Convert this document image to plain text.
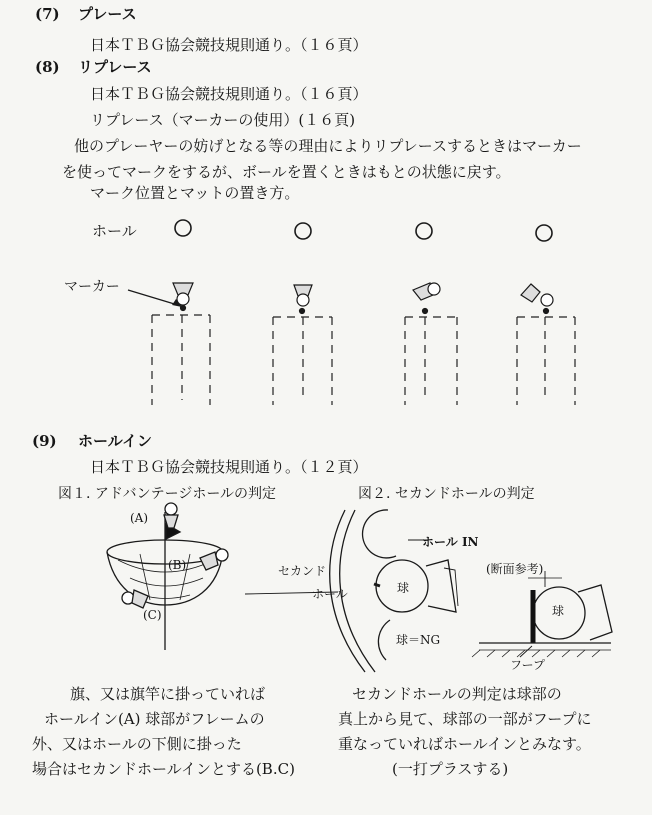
(7) プレース
日本ＴＢＧ協会競技規則通り。（１６頁）
(8) リプレース
日本ＴＢＧ協会競技規則通り。（１６頁）
リプレース（マーカーの使用）(１６頁)
他のプレーヤーの妨げとなる等の理由によりリプレースするときはマーカー
を使ってマークをするが、ボールを置くときはもとの状態に戻す。
マーク位置とマットの置き方。
ホール
マーカー
(9) ホールイン
日本ＴＢＧ協会競技規則通り。（１２頁）
図１. アドバンテージホールの判定	図２. セカンドホールの判定
(A)
(B)
(C)
ホール IN
セカンド
ホール	球
球＝NG
(断面参考)
球
フープ
旗、又は旗竿に掛っていれば
ホールイン(A) 球部がフレームの
外、又はホールの下側に掛った
場合はセカンドホールインとする(B.C)
セカンドホールの判定は球部の
真上から見て、球部の一部がフープに
重なっていればホールインとみなす。
(一打プラスする)
